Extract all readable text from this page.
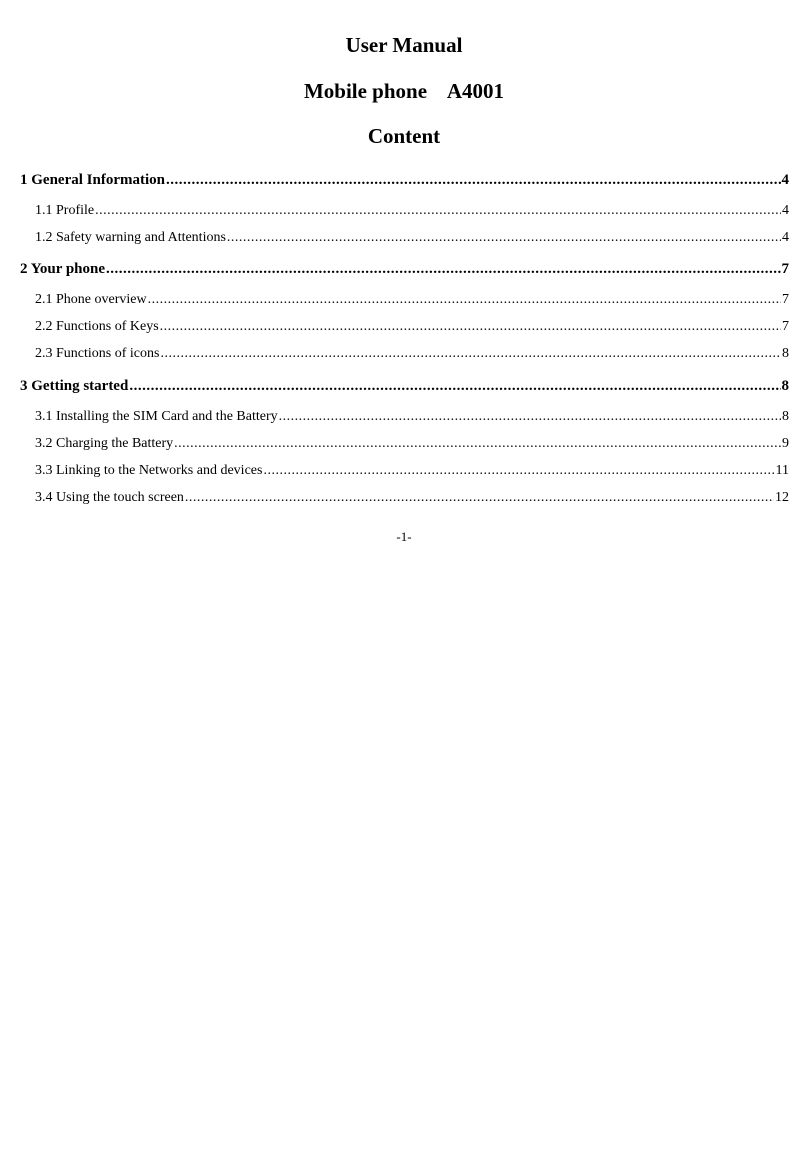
User Manual
Mobile phone    A4001
Content
1 General Information .....	4
1.1 Profile .....	4
1.2 Safety warning and Attentions .....	4
2 Your phone .....	7
2.1 Phone overview .....	7
2.2 Functions of Keys .....	7
2.3 Functions of icons .....	8
3 Getting started .....	8
3.1 Installing the SIM Card and the Battery .....	8
3.2 Charging the Battery .....	9
3.3 Linking to the Networks and devices .....	11
3.4 Using the touch screen .....	12
-1-
